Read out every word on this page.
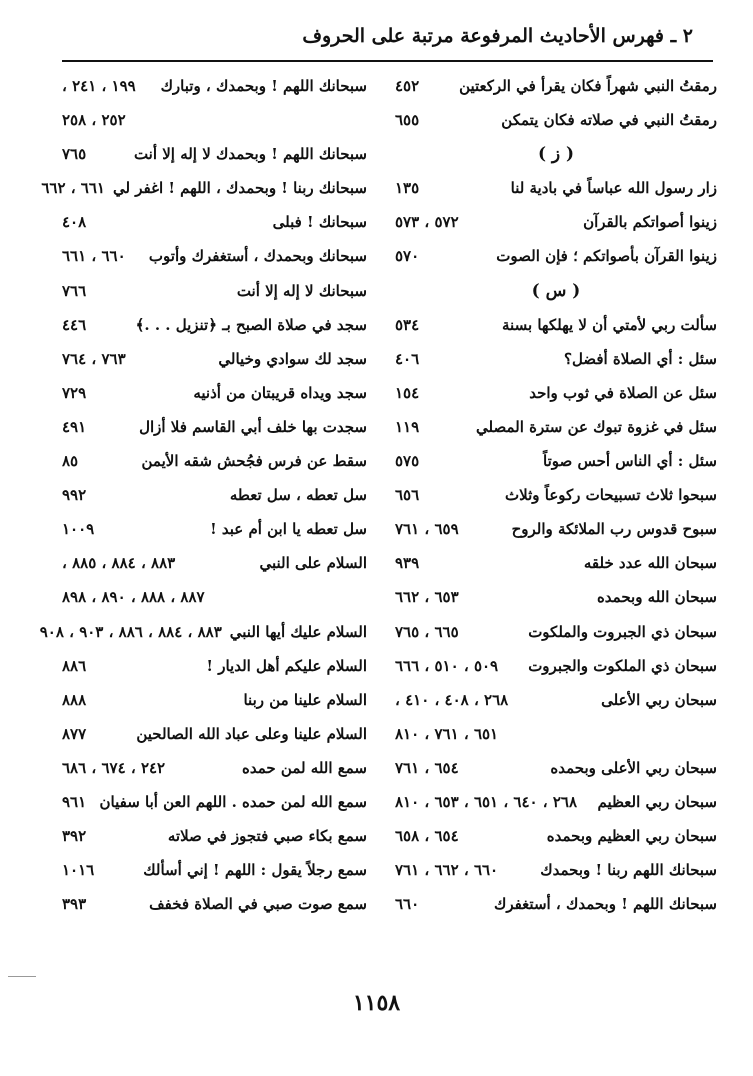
٢ ـ فهرس الأحاديث المرفوعة مرتبة على الحروف
رمقتُ النبي شهراً فكان يقرأ في الركعتين
٤٥٢
رمقتُ النبي في صلاته فكان يتمكن
٦٥٥
( ز )
زار رسول الله عباساً في بادية لنا
١٣٥
زينوا أصواتكم بالقرآن
٥٧٢ ، ٥٧٣
زينوا القرآن بأصواتكم ؛ فإن الصوت
٥٧٠
( س )
سألت ربي لأمتي أن لا يهلكها بسنة
٥٣٤
سئل : أي الصلاة أفضل؟
٤٠٦
سئل عن الصلاة في ثوب واحد
١٥٤
سئل في غزوة تبوك عن سترة المصلي
١١٩
سئل : أي الناس أحس صوتاً
٥٧٥
سبحوا ثلاث تسبيحات ركوعاً وثلاث
٦٥٦
سبوح قدوس رب الملائكة والروح
٦٥٩ ، ٧٦١
سبحان الله عدد خلقه
٩٣٩
سبحان الله وبحمده
٦٥٣ ، ٦٦٢
سبحان ذي الجبروت والملكوت
٦٦٥ ، ٧٦٥
سبحان ذي الملكوت والجبروت
٥٠٩ ، ٥١٠ ، ٦٦٦
سبحان ربي الأعلى
٢٦٨ ، ٤٠٨ ، ٤١٠ ،
٦٥١ ، ٧٦١ ، ٨١٠
سبحان ربي الأعلى وبحمده
٦٥٤ ، ٧٦١
سبحان ربي العظيم
٢٦٨ ، ٦٤٠ ، ٦٥١ ، ٦٥٣ ، ٨١٠
سبحان ربي العظيم وبحمده
٦٥٤ ، ٦٥٨
سبحانك اللهم ربنا ! وبحمدك
٦٦٠ ، ٦٦٢ ، ٧٦١
سبحانك اللهم ! وبحمدك ، أستغفرك
٦٦٠
سبحانك اللهم ! وبحمدك ، وتبارك
١٩٩ ، ٢٤١ ،
٢٥٢ ، ٢٥٨
سبحانك اللهم ! وبحمدك لا إله إلا أنت
٧٦٥
سبحانك ربنا ! وبحمدك ، اللهم ! اغفر لي
٦٦١ ، ٦٦٢
سبحانك ! فبلى
٤٠٨
سبحانك وبحمدك ، أستغفرك وأتوب
٦٦٠ ، ٦٦١
سبحانك لا إله إلا أنت
٧٦٦
سجد في صلاة الصبح بـ ﴿تنزيل . . .﴾
٤٤٦
سجد لك سوادي وخيالي
٧٦٣ ، ٧٦٤
سجد ويداه قريبتان من أذنيه
٧٢٩
سجدت بها خلف أبي القاسم فلا أزال
٤٩١
سقط عن فرس فجُحش شقه الأيمن
٨٥
سل تعطه ، سل تعطه
٩٩٢
سل تعطه يا ابن أم عبد !
١٠٠٩
السلام على النبي
٨٨٣ ، ٨٨٤ ، ٨٨٥ ،
٨٨٧ ، ٨٨٨ ، ٨٩٠ ، ٨٩٨
السلام عليك أيها النبي
٨٨٣ ، ٨٨٤ ، ٨٨٦ ، ٩٠٣ ، ٩٠٨
السلام عليكم أهل الديار !
٨٨٦
السلام علينا من ربنا
٨٨٨
السلام علينا وعلى عباد الله الصالحين
٨٧٧
سمع الله لمن حمده
٢٤٢ ، ٦٧٤ ، ٦٨٦
سمع الله لمن حمده . اللهم العن أبا سفيان
٩٦١
سمع بكاء صبي فتجوز في صلاته
٣٩٢
سمع رجلاً يقول : اللهم ! إني أسألك
١٠١٦
سمع صوت صبي في الصلاة فخفف
٣٩٣
١١٥٨
